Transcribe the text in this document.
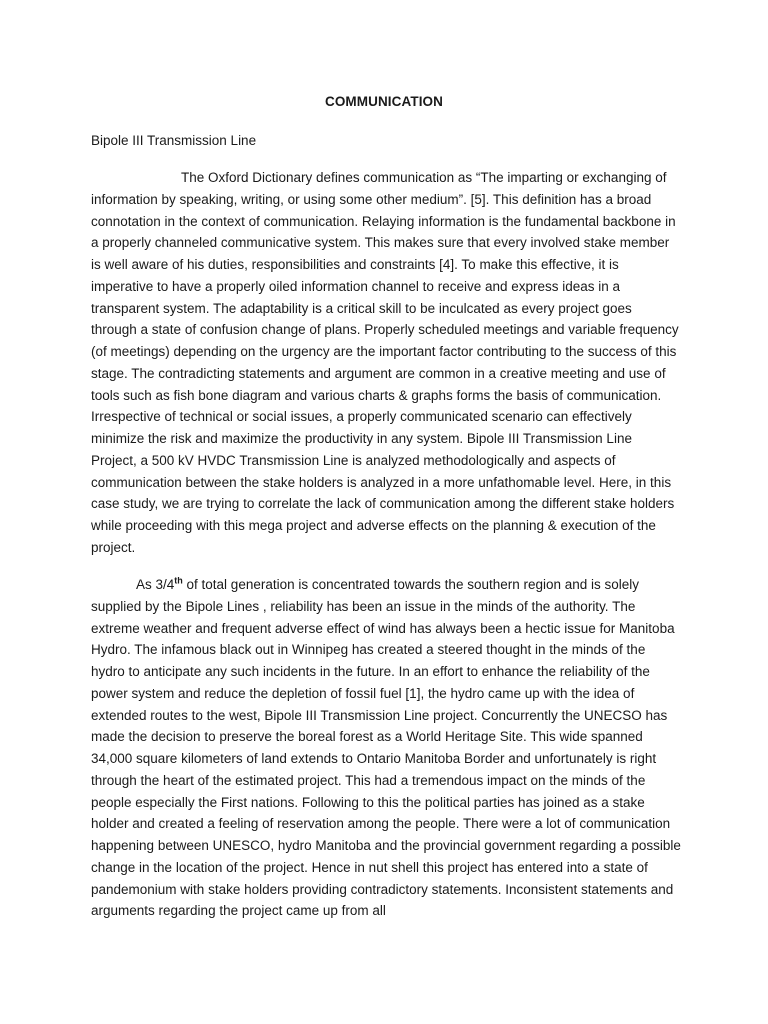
COMMUNICATION
Bipole III Transmission Line

The Oxford Dictionary defines communication as “The imparting or exchanging of information by speaking, writing, or using some other medium”. [5]. This definition has a broad connotation in the context of communication. Relaying information is the fundamental backbone in a properly channeled communicative system. This makes sure that every involved stake member is well aware of his duties, responsibilities and constraints [4]. To make this effective, it is imperative to have a properly oiled information channel to receive and express ideas in a transparent system. The adaptability is a critical skill to be inculcated as every project goes through a state of confusion change of plans. Properly scheduled meetings and variable frequency (of meetings) depending on the urgency are the important factor contributing to the success of this stage. The contradicting statements and argument are common in a creative meeting and use of tools such as fish bone diagram and various charts & graphs forms the basis of communication. Irrespective of technical or social issues, a properly communicated scenario can effectively minimize the risk and maximize the productivity in any system. Bipole III Transmission Line Project, a 500 kV HVDC Transmission Line is analyzed methodologically and aspects of communication between the stake holders is analyzed in a more unfathomable level. Here, in this case study, we are trying to correlate the lack of communication among the different stake holders while proceeding with this mega project and adverse effects on the planning & execution of the project.

As 3/4th of total generation is concentrated towards the southern region and is solely supplied by the Bipole Lines , reliability has been an issue in the minds of the authority. The extreme weather and frequent adverse effect of wind has always been a hectic issue for Manitoba Hydro. The infamous black out in Winnipeg has created a steered thought in the minds of the hydro to anticipate any such incidents in the future. In an effort to enhance the reliability of the power system and reduce the depletion of fossil fuel [1], the hydro came up with the idea of extended routes to the west, Bipole III Transmission Line project. Concurrently the UNECSO has made the decision to preserve the boreal forest as a World Heritage Site. This wide spanned 34,000 square kilometers of land extends to Ontario Manitoba Border and unfortunately is right through the heart of the estimated project. This had a tremendous impact on the minds of the people especially the First nations. Following to this the political parties has joined as a stake holder and created a feeling of reservation among the people. There were a lot of communication happening between UNESCO, hydro Manitoba and the provincial government regarding a possible change in the location of the project. Hence in nut shell this project has entered into a state of pandemonium with stake holders providing contradictory statements. Inconsistent statements and arguments regarding the project came up from all
